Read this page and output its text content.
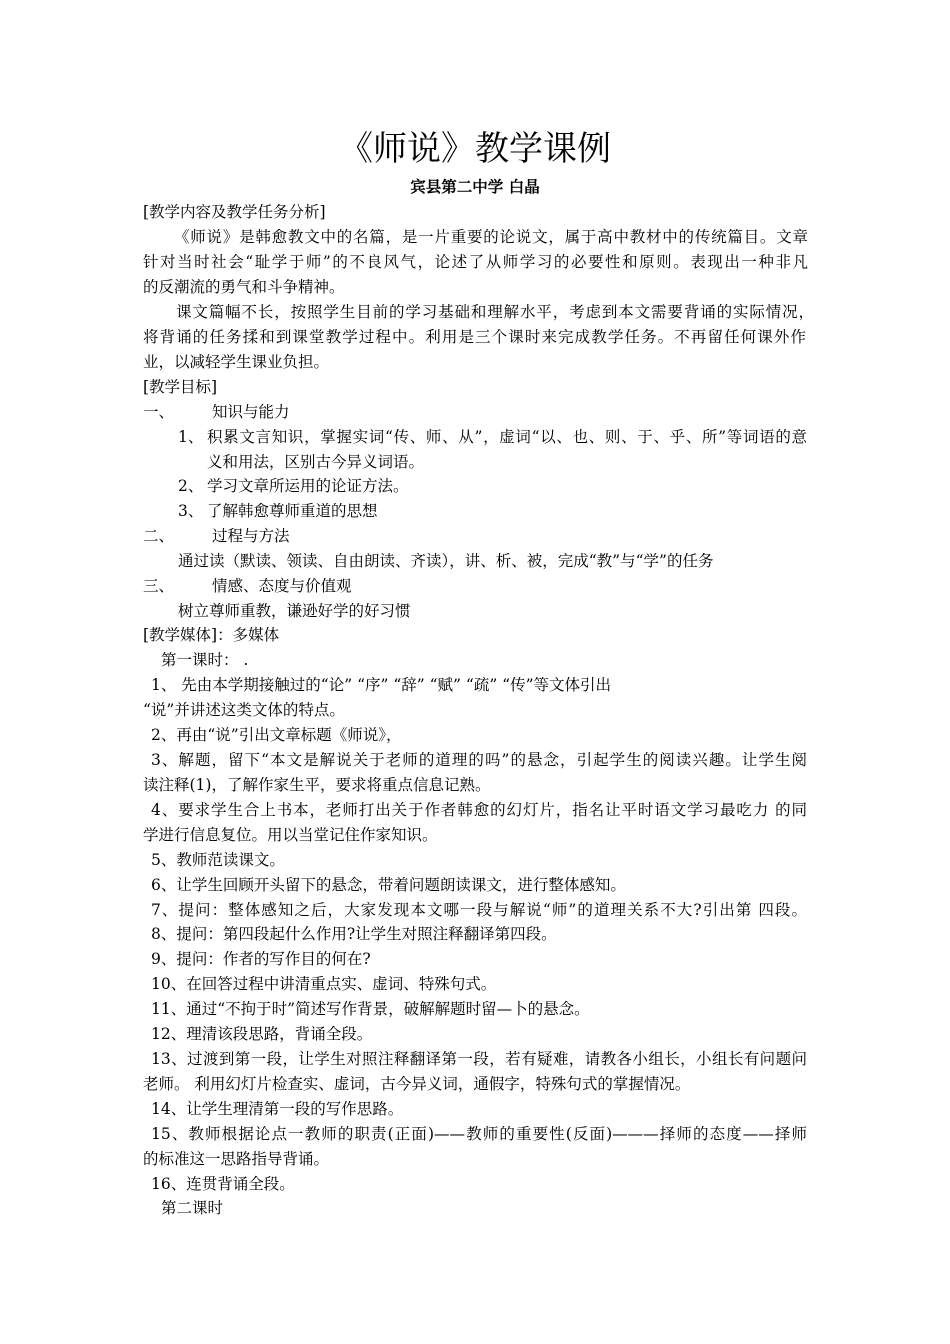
《师说》教学课例
宾县第二中学 白晶
[教学内容及教学任务分析]
《师说》是韩愈教文中的名篇，是一片重要的论说文，属于高中教材中的传统篇目。文章
针对当时社会“耻学于师”的不良风气，论述了从师学习的必要性和原则。表现出一种非凡
的反潮流的勇气和斗争精神。
课文篇幅不长，按照学生目前的学习基础和理解水平，考虑到本文需要背诵的实际情况，
将背诵的任务揉和到课堂教学过程中。利用是三个课时来完成教学任务。不再留任何课外作
业，以减轻学生课业负担。
[教学目标]
一、	知识与能力
1、 积累文言知识，掌握实词“传、师、从”，虚词“以、也、则、于、乎、所”等词语的意
义和用法，区别古今异义词语。
2、 学习文章所运用的论证方法。
3、 了解韩愈尊师重道的思想
二、	过程与方法
通过读（默读、领读、自由朗读、齐读），讲、析、被，完成“教”与“学”的任务
三、	情感、态度与价值观
树立尊师重教，谦逊好学的好习惯
[教学媒体]：多媒体
第一课时： .
1、 先由本学期接触过的“论” “序” “辞” “赋” “疏” “传”等文体引出
“说”并讲述这类文体的特点。
2、再由“说”引出文章标题《师说》，
3、解题，留下“本文是解说关于老师的道理的吗”的悬念，引起学生的阅读兴趣。让学生阅
读注释(1)，了解作家生平，要求将重点信息记熟。
4、要求学生合上书本，老师打出关于作者韩愈的幻灯片，指名让平时语文学习最吃力 的同
学进行信息复位。用以当堂记住作家知识。
5、教师范读课文。
6、让学生回顾开头留下的悬念，带着问题朗读课文，进行整体感知。
7、提问：整体感知之后，大家发现本文哪一段与解说“师”的道理关系不大?引出第 四段。
8、提问：第四段起什么作用?让学生对照注释翻译第四段。
9、提问：作者的写作目的何在?
10、在回答过程中讲清重点实、虚词、特殊句式。
11、通过“不拘于时”简述写作背景，破解解题时留—卜的悬念。
12、理清该段思路，背诵全段。
13、过渡到第一段，让学生对照注释翻译第一段，若有疑难，请教各小组长，小组长有问题问
老师。 利用幻灯片检查实、虚词，古今异义词，通假字，特殊句式的掌握情况。
14、让学生理清第一段的写作思路。
15、教师根据论点一教师的职责(正面)——教师的重要性(反面)———择师的态度——择师
的标准这一思路指导背诵。
16、连贯背诵全段。
第二课时
